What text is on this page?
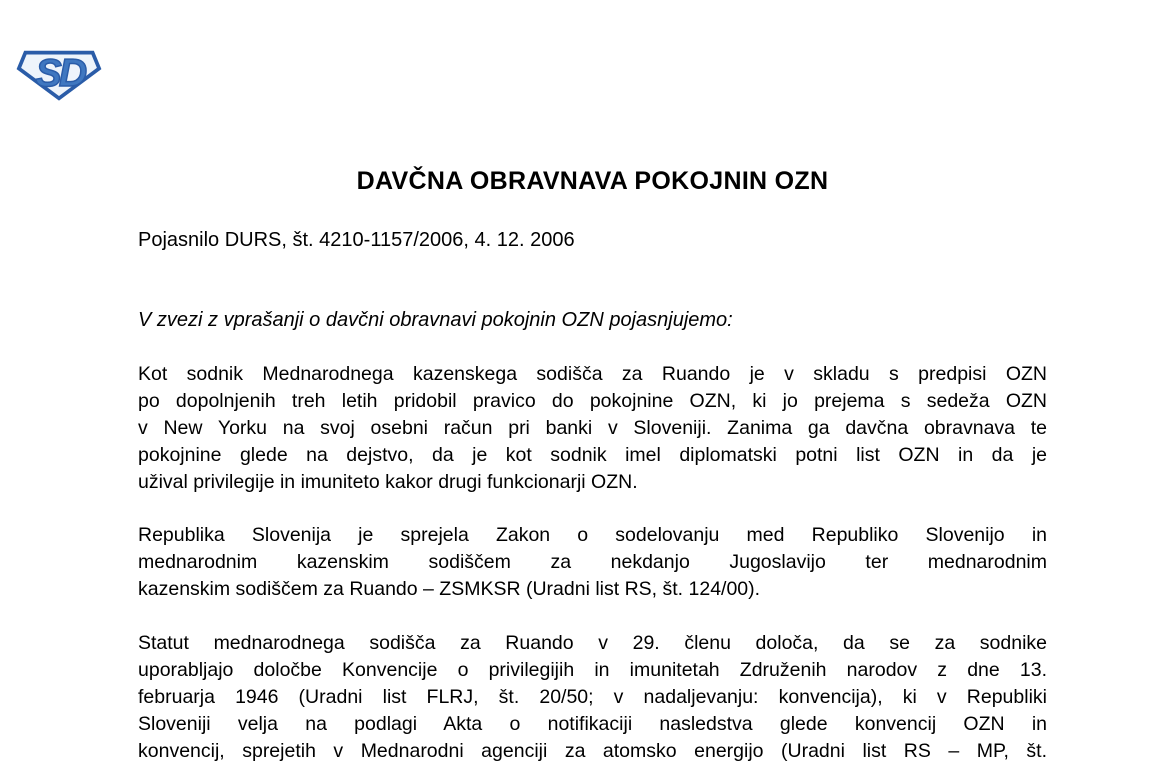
SD
DAVČNA OBRAVNAVA POKOJNIN OZN
Pojasnilo DURS, št. 4210-1157/2006, 4. 12. 2006
V zvezi z vprašanji o davčni obravnavi pokojnin OZN pojasnjujemo:
Kot sodnik Mednarodnega kazenskega sodišča za Ruando je v skladu s predpisi OZN
po dopolnjenih treh letih pridobil pravico do pokojnine OZN, ki jo prejema s sedeža OZN
v New Yorku na svoj osebni račun pri banki v Sloveniji. Zanima ga davčna obravnava te
pokojnine glede na dejstvo, da je kot sodnik imel diplomatski potni list OZN in da je
užival privilegije in imuniteto kakor drugi funkcionarji OZN.
Republika Slovenija je sprejela Zakon o sodelovanju med Republiko Slovenijo in
mednarodnim kazenskim sodiščem za nekdanjo Jugoslavijo ter mednarodnim
kazenskim sodiščem za Ruando – ZSMKSR (Uradni list RS, št. 124/00).
Statut mednarodnega sodišča za Ruando v 29. členu določa, da se za sodnike
uporabljajo določbe Konvencije o privilegijih in imunitetah Združenih narodov z dne 13.
februarja 1946 (Uradni list FLRJ, št. 20/50; v nadaljevanju: konvencija), ki v Republiki
Sloveniji velja na podlagi Akta o notifikaciji nasledstva glede konvencij OZN in
konvencij, sprejetih v Mednarodni agenciji za atomsko energijo (Uradni list RS – MP, št.
